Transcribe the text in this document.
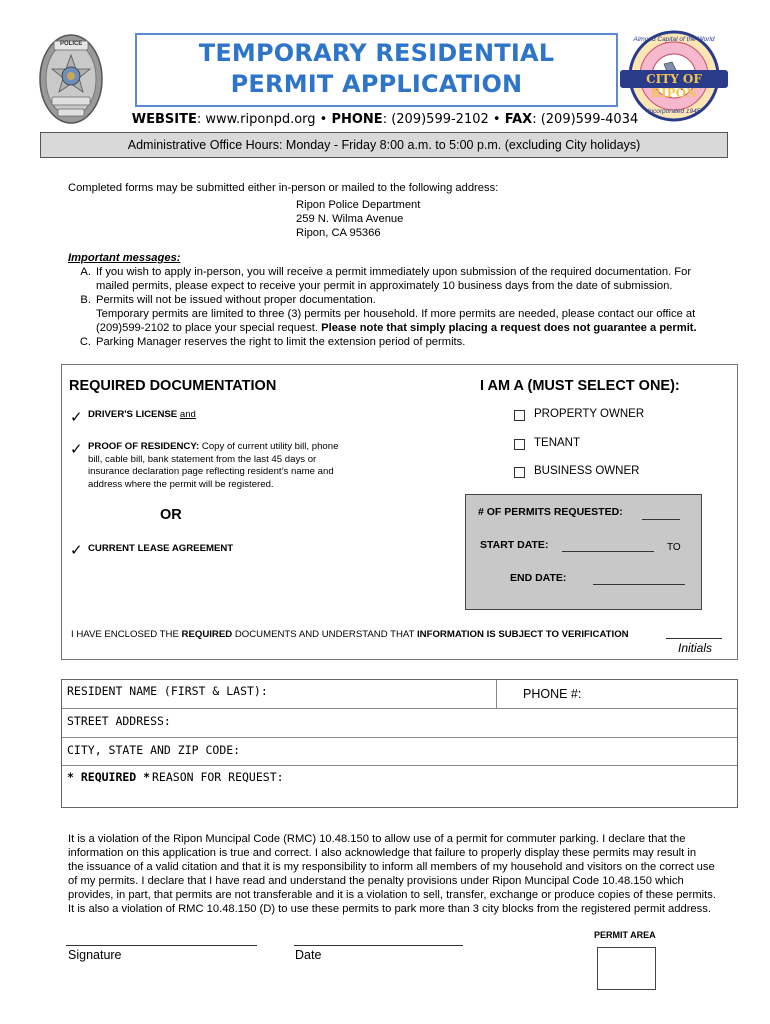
POLICE
CITY OF RIPON
Almond Capital of the World
Incorporated 1945
TEMPORARY RESIDENTIAL
PERMIT APPLICATION
WEBSITE: www.riponpd.org • PHONE: (209)599-2102 • FAX: (209)599-4034
Administrative Office Hours: Monday - Friday 8:00 a.m. to 5:00 p.m. (excluding City holidays)
Completed forms may be submitted either in-person or mailed to the following address:
Ripon Police Department
259 N. Wilma Avenue
Ripon, CA 95366
Important messages:
A. If you wish to apply in-person, you will receive a permit immediately upon submission of the required documentation. For
mailed permits, please expect to receive your permit in approximately 10 business days from the date of submission.
B. Permits will not be issued without proper documentation.
Temporary permits are limited to three (3) permits per household. If more permits are needed, please contact our office at
(209)599-2102 to place your special request. Please note that simply placing a request does not guarantee a permit.
C. Parking Manager reserves the right to limit the extension period of permits.
REQUIRED DOCUMENTATION	I AM A (MUST SELECT ONE):
✓ DRIVER'S LICENSE and
✓ PROOF OF RESIDENCY: Copy of current utility bill, phone
bill, cable bill, bank statement from the last 45 days or
insurance declaration page reflecting resident’s name and
address where the permit will be registered.
OR
✓ CURRENT LEASE AGREEMENT
PROPERTY OWNER
TENANT
BUSINESS OWNER
I HAVE ENCLOSED THE REQUIRED DOCUMENTS AND UNDERSTAND THAT INFORMATION IS SUBJECT TO VERIFICATION
Initials
# OF PERMITS REQUESTED:
START DATE:	TO
END DATE:
RESIDENT NAME (FIRST & LAST):	PHONE #:
STREET ADDRESS:
CITY, STATE AND ZIP CODE:
* REQUIRED * REASON FOR REQUEST:
It is a violation of the Ripon Muncipal Code (RMC) 10.48.150 to allow use of a permit for commuter parking. I declare that the
information on this application is true and correct. I also acknowledge that failure to properly display these permits may result in
the issuance of a valid citation and that it is my responsibility to inform all members of my household and visitors on the correct use
of my permits. I declare that I have read and understand the penalty provisions under Ripon Muncipal Code 10.48.150 which
provides, in part, that permits are not transferable and it is a violation to sell, transfer, exchange or produce copies of these permits.
It is also a violation of RMC 10.48.150 (D) to use these permits to park more than 3 city blocks from the registered permit address.
PERMIT AREA
Signature	Date
